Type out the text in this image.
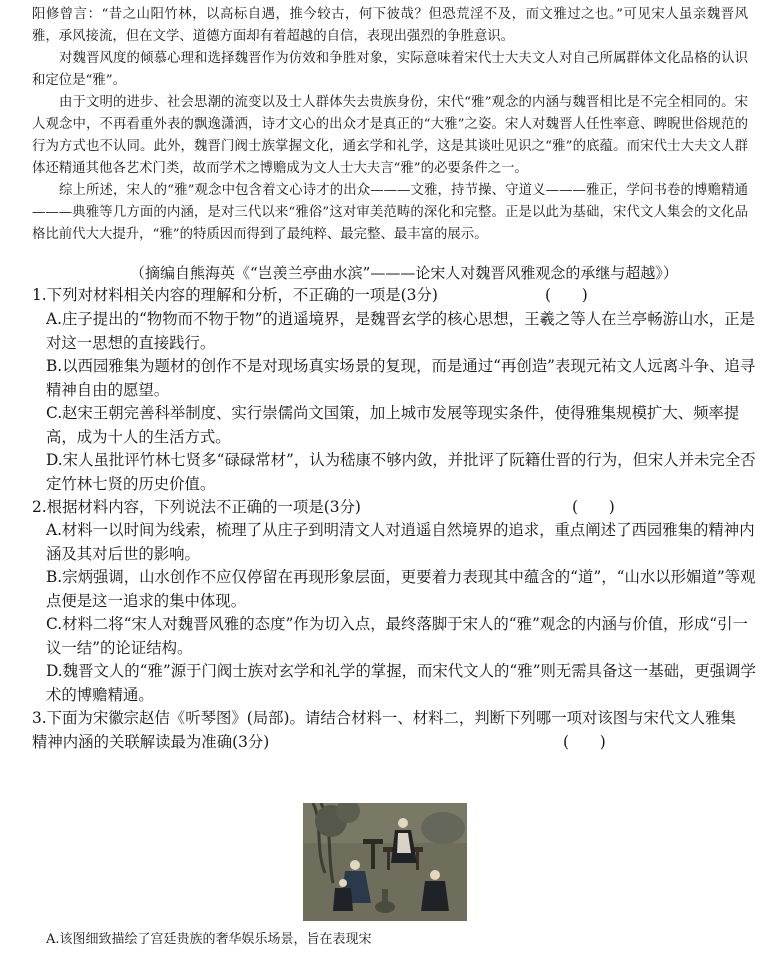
阳修曾言：“昔之山阳竹林，以高标自遇，推今较古，何下彼哉？但恐荒淫不及，而文雅过之也。”可见宋人虽亲魏晋风雅，承风接流，但在文学、道德方面却有着超越的自信，表现出强烈的争胜意识。

对魏晋风度的倾慕心理和选择魏晋作为仿效和争胜对象，实际意味着宋代士大夫文人对自己所属群体文化品格的认识和定位是“雅”。

由于文明的进步、社会思潮的流变以及士人群体失去贵族身份，宋代“雅”观念的内涵与魏晋相比是不完全相同的。宋人观念中，不再看重外表的飘逸潇洒，诗才文心的出众才是真正的“大雅”之姿。宋人对魏晋人任性率意、睥睨世俗规范的行为方式也不认同。此外，魏晋门阀士族掌握文化，通玄学和礼学，这是其谈吐见识之“雅”的底蕴。而宋代士大夫文人群体还精通其他各艺术门类，故而学术之博赡成为文人士大夫言“雅”的必要条件之一。

综上所述，宋人的“雅”观念中包含着文心诗才的出众———文雅，持节操、守道义———雅正，学问书卷的博赡精通———典雅等几方面的内涵，是对三代以来“雅俗”这对审美范畴的深化和完整。正是以此为基础，宋代文人集会的文化品格比前代大大提升，“雅”的特质因而得到了最纯粹、最完整、最丰富的展示。

（摘编自熊海英《“岂羡兰亭曲水滨”———论宋人对魏晋风雅观念的承继与超越》）

1.下列对材料相关内容的理解和分析，不正确的一项是(3分)	(　　)

A.庄子提出的“物物而不物于物”的逍遥境界，是魏晋玄学的核心思想，王羲之等人在兰亭畅游山水，正是对这一思想的直接践行。

B.以西园雅集为题材的创作不是对现场真实场景的复现，而是通过“再创造”表现元祐文人远离斗争、追寻精神自由的愿望。

C.赵宋王朝完善科举制度、实行崇儒尚文国策，加上城市发展等现实条件，使得雅集规模扩大、频率提高，成为十人的生活方式。

D.宋人虽批评竹林七贤多“碌碌常材”，认为嵇康不够内敛，并批评了阮籍仕晋的行为，但宋人并未完全否定竹林七贤的历史价值。

2.根据材料内容，下列说法不正确的一项是(3分)	(　　)

A.材料一以时间为线索，梳理了从庄子到明清文人对逍遥自然境界的追求，重点阐述了西园雅集的精神内涵及其对后世的影响。

B.宗炳强调，山水创作不应仅停留在再现形象层面，更要着力表现其中蕴含的“道”，“山水以形媚道”等观点便是这一追求的集中体现。

C.材料二将“宋人对魏晋风雅的态度”作为切入点，最终落脚于宋人的“雅”观念的内涵与价值，形成“引一议一结”的论证结构。

D.魏晋文人的“雅”源于门阀士族对玄学和礼学的掌握，而宋代文人的“雅”则无需具备这一基础，更强调学术的博赡精通。

3.下面为宋徽宗赵佶《听琴图》(局部)。请结合材料一、材料二，判断下列哪一项对该图与宋代文人雅集精神内涵的关联解读最为准确(3分)	(　　)

A.该图细致描绘了宫廷贵族的奢华娱乐场景，旨在表现宋
